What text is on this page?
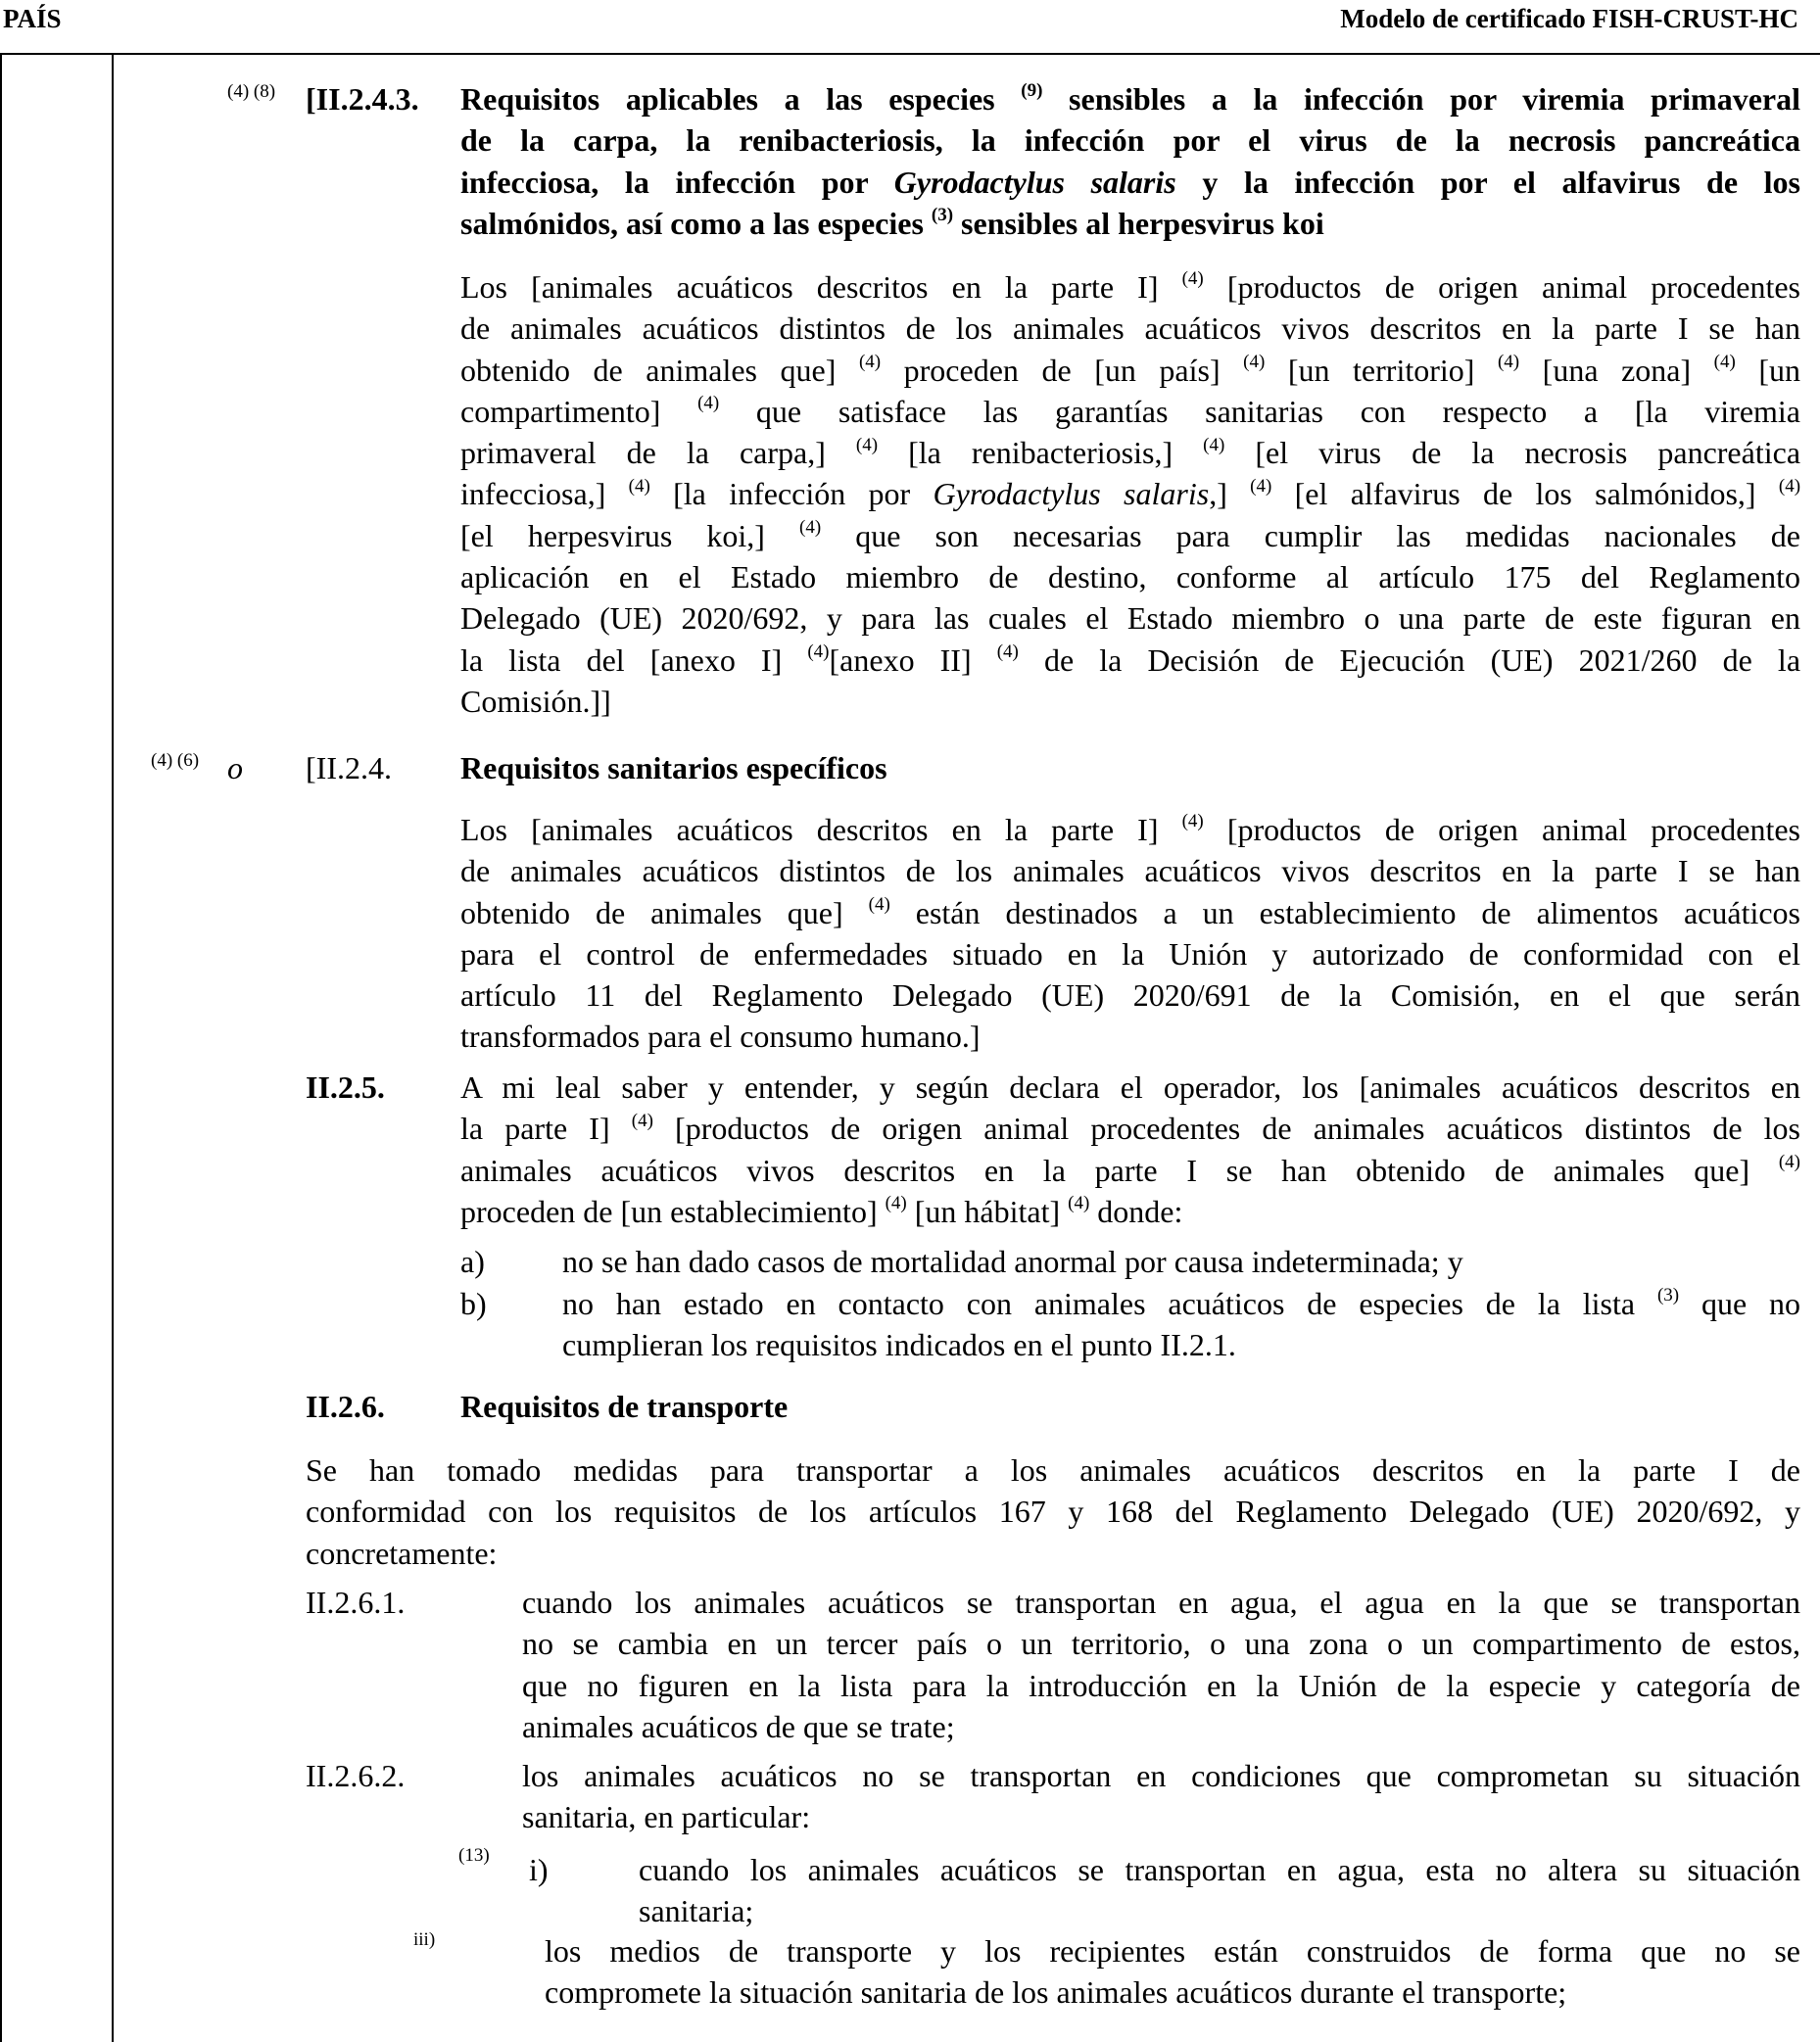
PAÍS	Modelo de certificado FISH-CRUST-HC
(4) (8) [II.2.4.3. Requisitos aplicables a las especies $^{(9)}$ sensibles a la infección por viremia primaveral
de la carpa, la renibacteriosis, la infección por el virus de la necrosis pancreática
infecciosa, la infección por Gyrodactylus salaris y la infección por el alfavirus de los
salmónidos, así como a las especies $^{(3)}$ sensibles al herpesvirus koi
Los [animales acuáticos descritos en la parte I] $^{(4)}$ [productos de origen animal procedentes
de animales acuáticos distintos de los animales acuáticos vivos descritos en la parte I se han
obtenido de animales que] $^{(4)}$ proceden de [un país] $^{(4)}$ [un territorio] $^{(4)}$ [una zona] $^{(4)}$ [un
compartimento] $^{(4)}$ que satisface las garantías sanitarias con respecto a [la viremia
primaveral de la carpa,] $^{(4)}$ [la renibacteriosis,] $^{(4)}$ [el virus de la necrosis pancreática
infecciosa,] $^{(4)}$ [la infección por Gyrodactylus salaris,] $^{(4)}$ [el alfavirus de los salmónidos,] $^{(4)}$
[el herpesvirus koi,] $^{(4)}$ que son necesarias para cumplir las medidas nacionales de
aplicación en el Estado miembro de destino, conforme al artículo 175 del Reglamento
Delegado (UE) 2020/692, y para las cuales el Estado miembro o una parte de este figuran en
la lista del [anexo I] $^{(4)}$[anexo II] $^{(4)}$ de la Decisión de Ejecución (UE) 2021/260 de la
Comisión.]]
(4) (6) o [II.2.4. Requisitos sanitarios específicos
Los [animales acuáticos descritos en la parte I] $^{(4)}$ [productos de origen animal procedentes
de animales acuáticos distintos de los animales acuáticos vivos descritos en la parte I se han
obtenido de animales que] $^{(4)}$ están destinados a un establecimiento de alimentos acuáticos
para el control de enfermedades situado en la Unión y autorizado de conformidad con el
artículo 11 del Reglamento Delegado (UE) 2020/691 de la Comisión, en el que serán
transformados para el consumo humano.]
II.2.5. A mi leal saber y entender, y según declara el operador, los [animales acuáticos descritos en
la parte I] $^{(4)}$ [productos de origen animal procedentes de animales acuáticos distintos de los
animales acuáticos vivos descritos en la parte I se han obtenido de animales que] $^{(4)}$
proceden de [un establecimiento] $^{(4)}$ [un hábitat] $^{(4)}$ donde:
a) no se han dado casos de mortalidad anormal por causa indeterminada; y
b) no han estado en contacto con animales acuáticos de especies de la lista $^{(3)}$ que no
cumplieran los requisitos indicados en el punto II.2.1.
II.2.6. Requisitos de transporte
Se han tomado medidas para transportar a los animales acuáticos descritos en la parte I de
conformidad con los requisitos de los artículos 167 y 168 del Reglamento Delegado (UE) 2020/692, y
concretamente:
II.2.6.1.	cuando los animales acuáticos se transportan en agua, el agua en la que se transportan
no se cambia en un tercer país o un territorio, o una zona o un compartimento de estos,
que no figuren en la lista para la introducción en la Unión de la especie y categoría de
animales acuáticos de que se trate;
II.2.6.2.	los animales acuáticos no se transportan en condiciones que comprometan su situación
sanitaria, en particular:
(13) i)	cuando los animales acuáticos se transportan en agua, esta no altera su situación
sanitaria;
iii)	los medios de transporte y los recipientes están construidos de forma que no se
compromete la situación sanitaria de los animales acuáticos durante el transporte;
